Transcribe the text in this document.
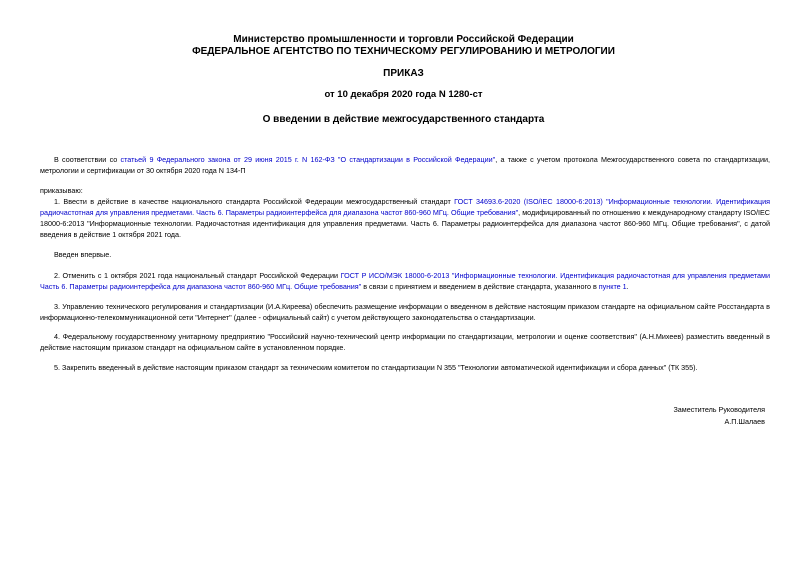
Министерство промышленности и торговли Российской Федерации
ФЕДЕРАЛЬНОЕ АГЕНТСТВО ПО ТЕХНИЧЕСКОМУ РЕГУЛИРОВАНИЮ И МЕТРОЛОГИИ
ПРИКАЗ
от 10 декабря 2020 года N 1280-ст
О введении в действие межгосударственного стандарта
В соответствии со статьей 9 Федерального закона от 29 июня 2015 г. N 162-ФЗ "О стандартизации в Российской Федерации", а также с учетом протокола Межгосударственного совета по стандартизации, метрологии и сертификации от 30 октября 2020 года N 134-П
приказываю:
1. Ввести в действие в качестве национального стандарта Российской Федерации межгосударственный стандарт ГОСТ 34693.6-2020 (ISO/IEC 18000-6:2013) "Информационные технологии. Идентификация радиочастотная для управления предметами. Часть 6. Параметры радиоинтерфейса для диапазона частот 860-960 МГц. Общие требования", модифицированный по отношению к международному стандарту ISO/IEC 18000-6:2013 "Информационные технологии. Радиочастотная идентификация для управления предметами. Часть 6. Параметры радиоинтерфейса для диапазона частот 860-960 МГц. Общие требования", с датой введения в действие 1 октября 2021 года.
Введен впервые.
2. Отменить с 1 октября 2021 года национальный стандарт Российской Федерации ГОСТ Р ИСО/МЭК 18000-6-2013 "Информационные технологии. Идентификация радиочастотная для управления предметами Часть 6. Параметры радиоинтерфейса для диапазона частот 860-960 МГц. Общие требования" в связи с принятием и введением в действие стандарта, указанного в пункте 1.
3. Управлению технического регулирования и стандартизации (И.А.Киреева) обеспечить размещение информации о введенном в действие настоящим приказом стандарте на официальном сайте Росстандарта в информационно-телекоммуникационной сети "Интернет" (далее - официальный сайт) с учетом действующего законодательства о стандартизации.
4. Федеральному государственному унитарному предприятию "Российский научно-технический центр информации по стандартизации, метрологии и оценке соответствия" (А.Н.Михеев) разместить введенный в действие настоящим приказом стандарт на официальном сайте в установленном порядке.
5. Закрепить введенный в действие настоящим приказом стандарт за техническим комитетом по стандартизации N 355 "Технологии автоматической идентификации и сбора данных" (ТК 355).
Заместитель Руководителя
А.П.Шалаев
